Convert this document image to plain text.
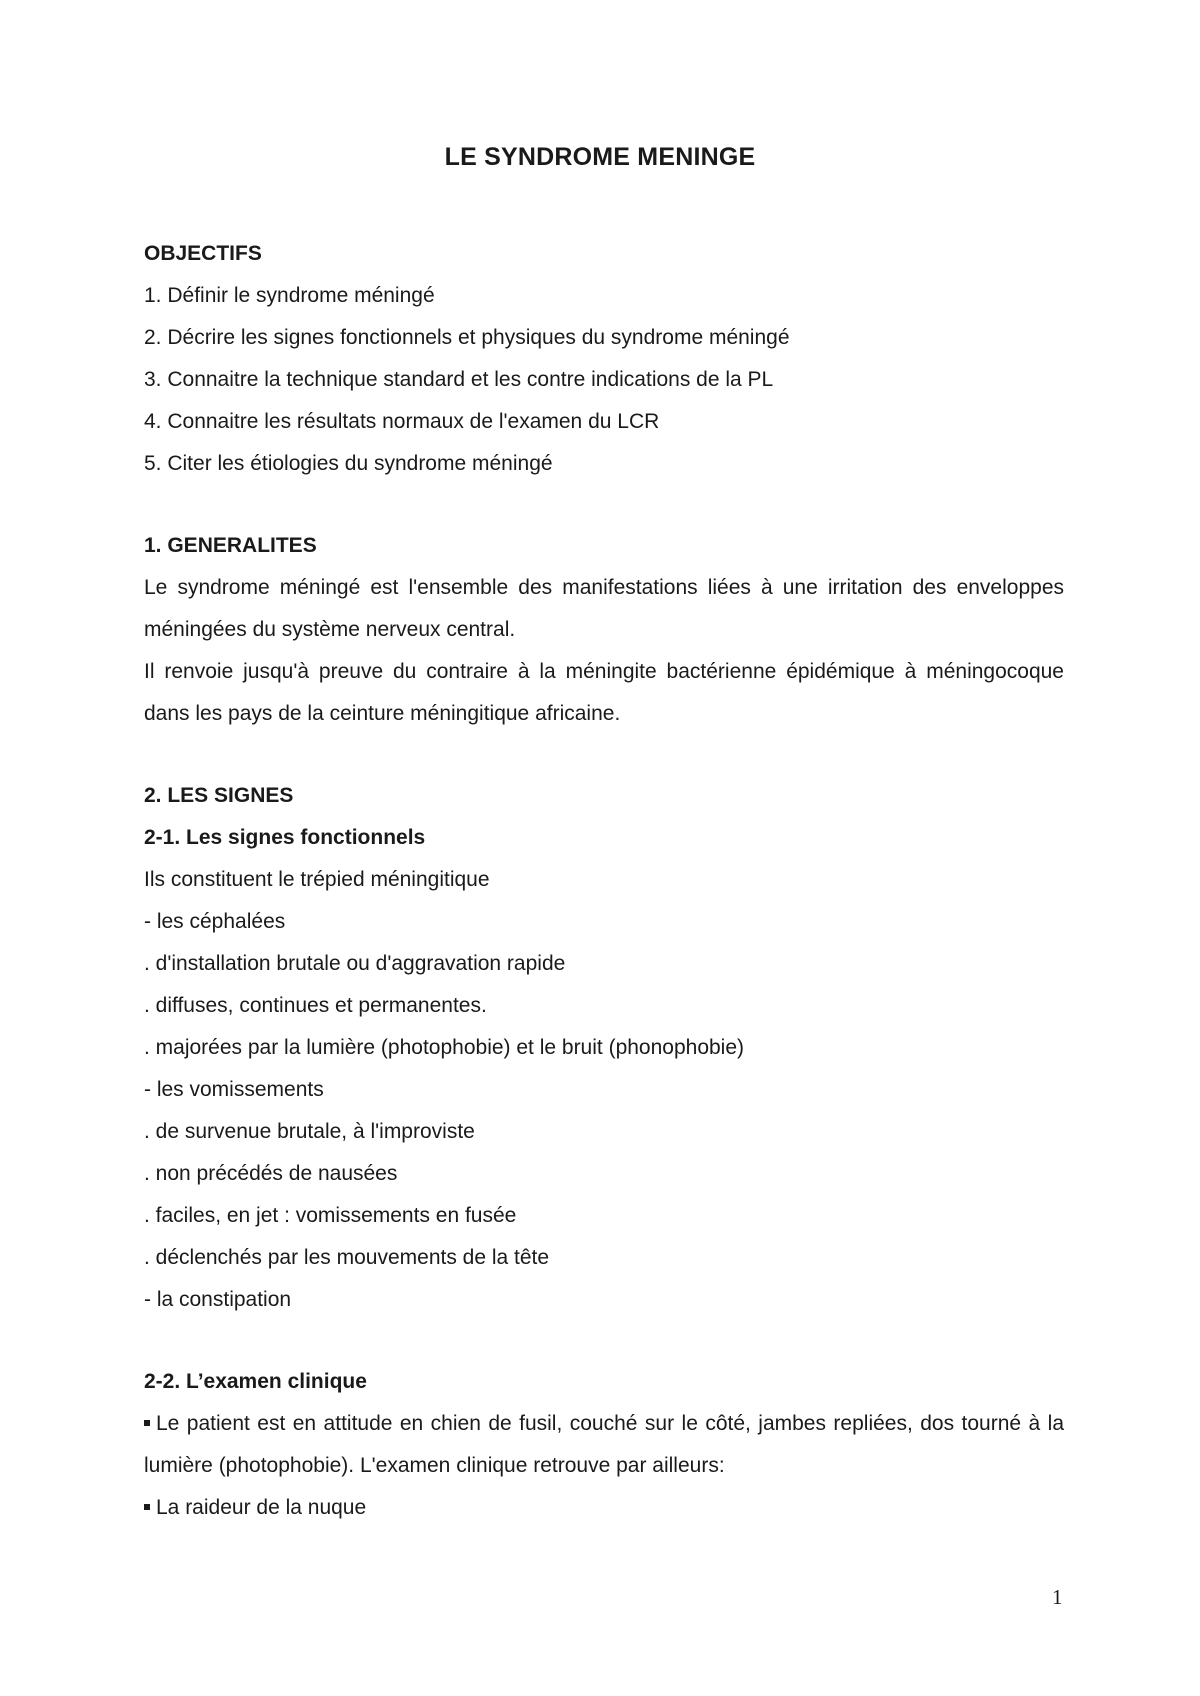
LE SYNDROME MENINGE

OBJECTIFS

1. Définir le syndrome méningé

2. Décrire les signes fonctionnels et physiques du syndrome méningé

3. Connaitre la technique standard et les contre indications de la PL

4. Connaitre les résultats normaux de l'examen du LCR

5. Citer les étiologies du syndrome méningé

1. GENERALITES

Le syndrome méningé est l'ensemble des manifestations liées à une irritation des enveloppes méningées du système nerveux central.

Il renvoie jusqu'à preuve du contraire à la méningite bactérienne épidémique à méningocoque dans les pays de la ceinture méningitique africaine.

2. LES SIGNES

2-1. Les signes fonctionnels

Ils constituent le trépied méningitique

- les céphalées

. d'installation brutale ou d'aggravation rapide

. diffuses, continues et permanentes.

. majorées par la lumière (photophobie) et le bruit (phonophobie)

- les vomissements

. de survenue brutale, à l'improviste

. non précédés de nausées

. faciles, en jet : vomissements en fusée

. déclenchés par les mouvements de la tête

- la constipation

2-2. L’examen clinique

Le patient est en attitude en chien de fusil, couché sur le côté, jambes repliées, dos tourné à la lumière (photophobie). L'examen clinique retrouve par ailleurs:

La raideur de la nuque

1
